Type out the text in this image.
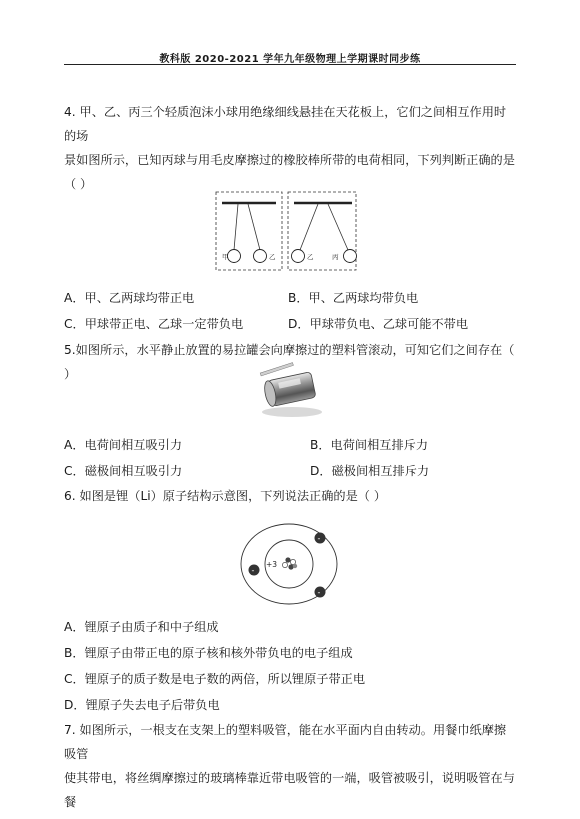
教科版 2020-2021 学年九年级物理上学期课时同步练
4. 甲、乙、丙三个轻质泡沫小球用绝缘细线悬挂在天花板上，它们之间相互作用时的场
景如图所示，已知丙球与用毛皮摩擦过的橡胶棒所带的电荷相同，下列判断正确的是
（ ）
甲	乙	乙	丙
A．甲、乙两球均带正电	B．甲、乙两球均带负电
C．甲球带正电、乙球一定带负电	D．甲球带负电、乙球可能不带电
5.如图所示，水平静止放置的易拉罐会向摩擦过的塑料管滚动，可知它们之间存在（ ）
A．电荷间相互吸引力	B．电荷间相互排斥力
C．磁极间相互吸引力	D．磁极间相互排斥力
6. 如图是锂（Li）原子结构示意图，下列说法正确的是（ ）
+3
-
-
-
A．锂原子由质子和中子组成
B．锂原子由带正电的原子核和核外带负电的电子组成
C．锂原子的质子数是电子数的两倍，所以锂原子带正电
D．锂原子失去电子后带负电
7. 如图所示，一根支在支架上的塑料吸管，能在水平面内自由转动。用餐巾纸摩擦吸管
使其带电，将丝绸摩擦过的玻璃棒靠近带电吸管的一端，吸管被吸引，说明吸管在与餐
